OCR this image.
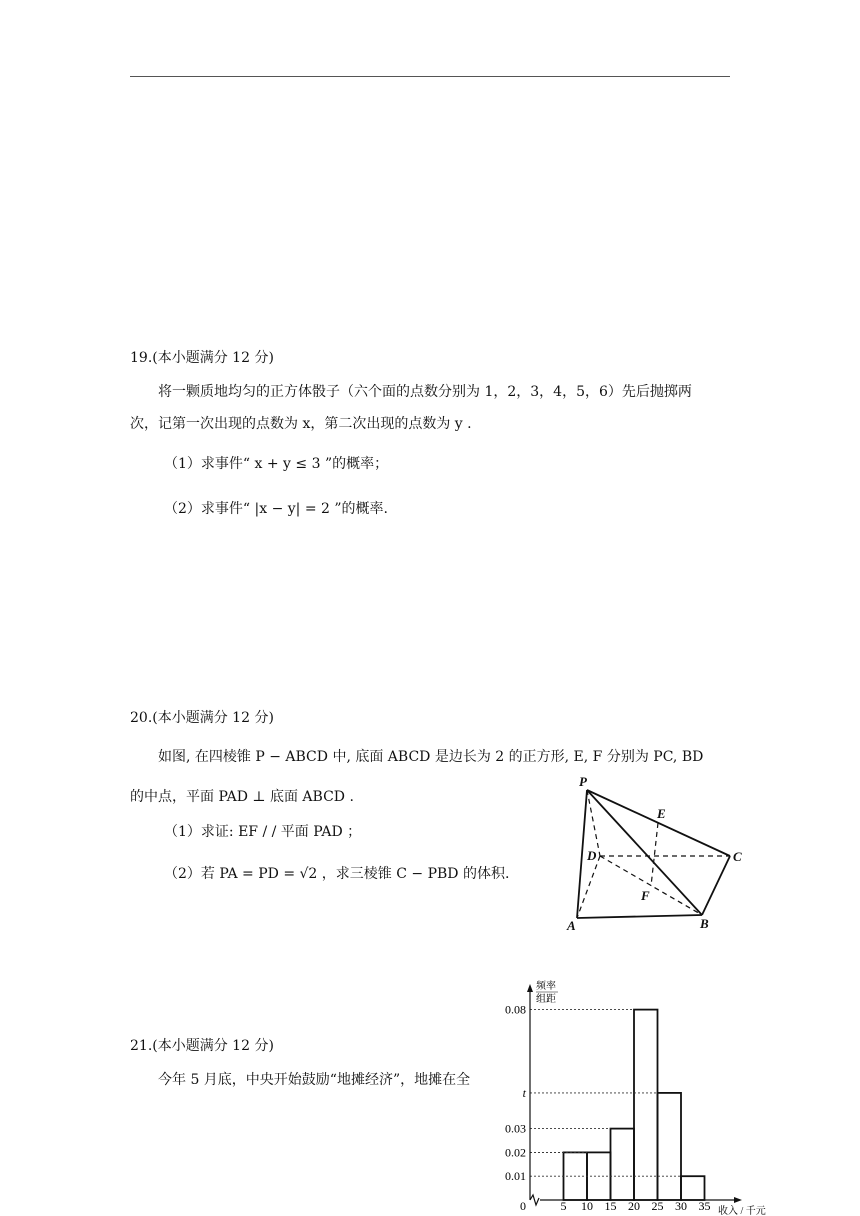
19.(本小题满分 12 分)
将一颗质地均匀的正方体骰子（六个面的点数分别为 1，2，3，4，5，6）先后抛掷两
次，记第一次出现的点数为 x，第二次出现的点数为 y .
（1）求事件“ x + y ≤ 3 ”的概率；
（2）求事件“ |x − y| = 2 ”的概率.
20.(本小题满分 12 分)
如图, 在四棱锥 P − ABCD 中, 底面 ABCD 是边长为 2 的正方形, E, F 分别为 PC, BD
的中点，平面 PAD ⊥ 底面 ABCD .
（1）求证: EF / / 平面 PAD ；
（2）若 PA = PD = √2 ，求三棱锥 C − PBD 的体积.
P
A	B
C
D
E
F
21.(本小题满分 12 分)
今年 5 月底，中央开始鼓励“地摊经济”，地摊在全
0
频率
组距
收入 / 千元
0.01
0.02
0.03
t
0.08
5 10 15 20 25 30 35
